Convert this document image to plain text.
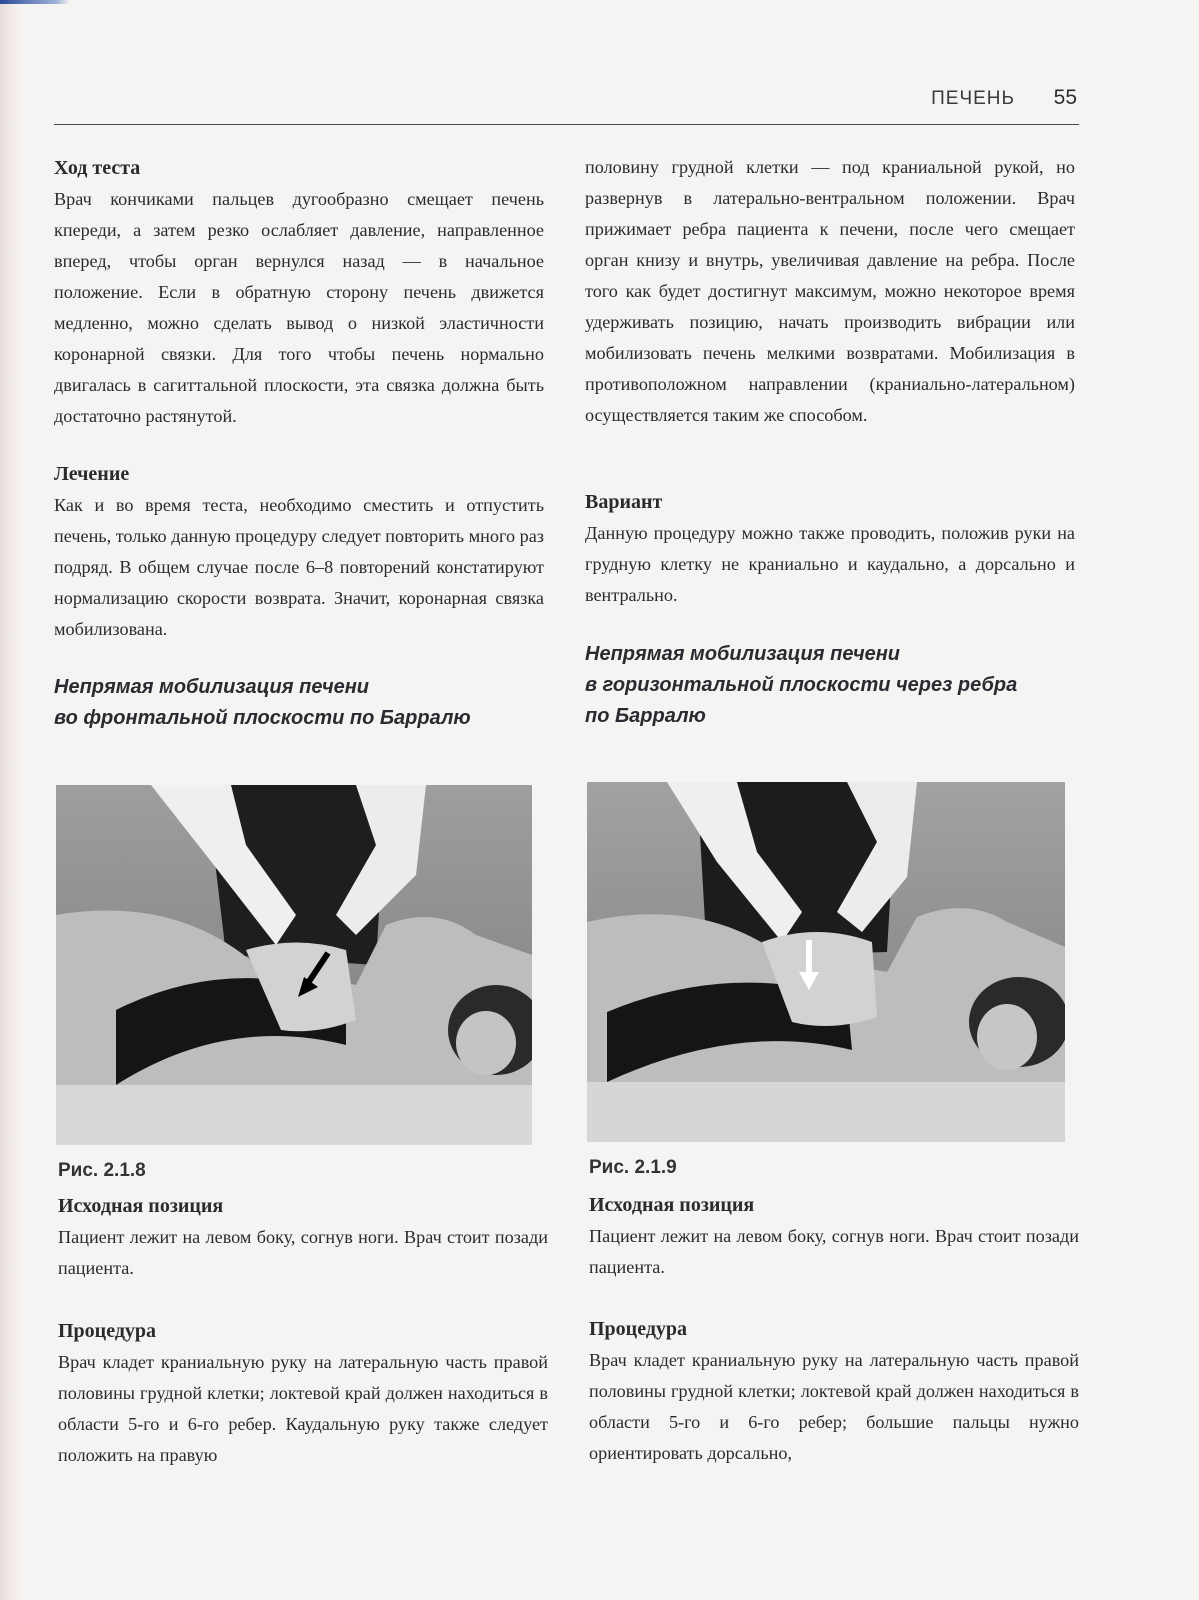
ПЕЧЕНЬ 55
Ход теста

Врач кончиками пальцев дугообразно смещает печень кпереди, а затем резко ослабляет давление, направленное вперед, чтобы орган вернулся назад — в начальное положение. Если в обратную сторону печень движется медленно, можно сделать вывод о низкой эластичности коронарной связки. Для того чтобы печень нормально двигалась в сагиттальной плоскости, эта связка должна быть достаточно растянутой.

Лечение

Как и во время теста, необходимо сместить и отпустить печень, только данную процедуру следует повторить много раз подряд. В общем случае после 6–8 повторений констатируют нормализацию скорости возврата. Значит, коронарная связка мобилизована.

Непрямая мобилизация печени

во фронтальной плоскости по Барралю

Рис. 2.1.8
Исходная позиция

Пациент лежит на левом боку, согнув ноги. Врач стоит позади пациента.

Процедура

Врач кладет краниальную руку на латеральную часть правой половины грудной клетки; локтевой край должен находиться в области 5-го и 6-го ребер. Каудальную руку также следует положить на правую

половину грудной клетки — под краниальной рукой, но развернув в латерально-вентральном положении. Врач прижимает ребра пациента к печени, после чего смещает орган книзу и внутрь, увеличивая давление на ребра. После того как будет достигнут максимум, можно некоторое время удерживать позицию, начать производить вибрации или мобилизовать печень мелкими возвратами. Мобилизация в противоположном направлении (краниально-латеральном) осуществляется таким же способом.

Вариант

Данную процедуру можно также проводить, положив руки на грудную клетку не краниально и каудально, а дорсально и вентрально.

Непрямая мобилизация печени

в горизонтальной плоскости через ребра

по Барралю

Рис. 2.1.9
Исходная позиция

Пациент лежит на левом боку, согнув ноги. Врач стоит позади пациента.

Процедура

Врач кладет краниальную руку на латеральную часть правой половины грудной клетки; локтевой край должен находиться в области 5-го и 6-го ребер; большие пальцы нужно ориентировать дорсально,
